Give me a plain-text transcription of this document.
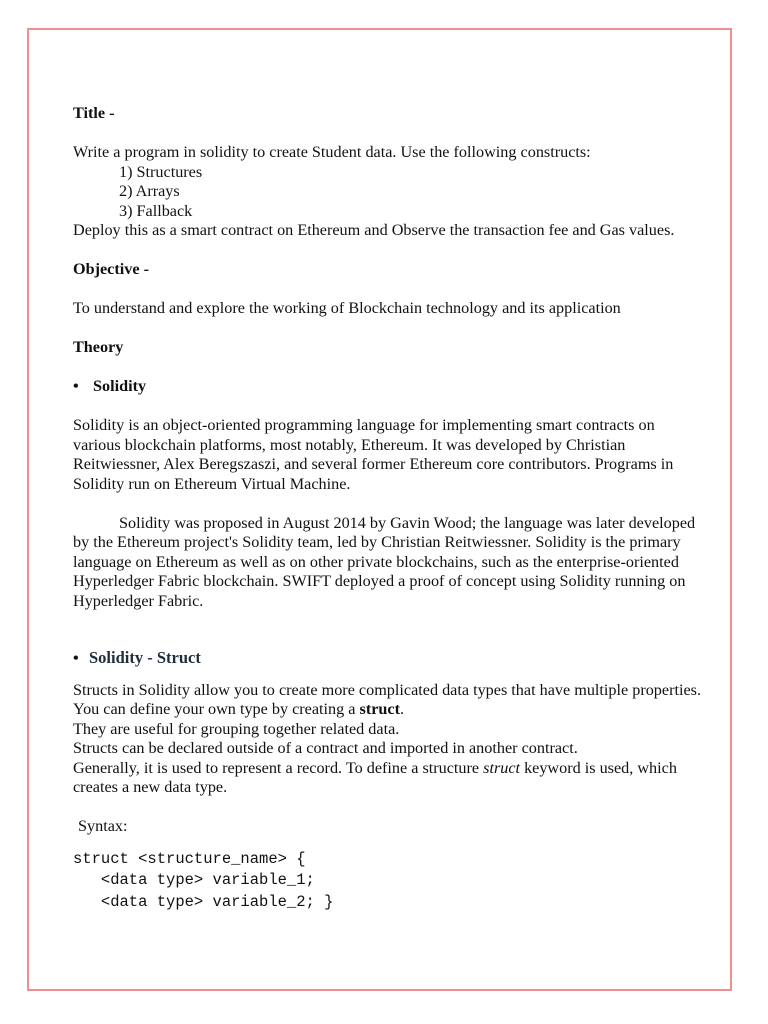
Title -

Write a program in solidity to create Student data. Use the following constructs:

1) Structures

2) Arrays

3) Fallback

Deploy this as a smart contract on Ethereum and Observe the transaction fee and Gas values.

Objective -

To understand and explore the working of Blockchain technology and its application

Theory

• Solidity

Solidity is an object-oriented programming language for implementing smart contracts on various blockchain platforms, most notably, Ethereum. It was developed by Christian Reitwiessner, Alex Beregszaszi, and several former Ethereum core contributors. Programs in Solidity run on Ethereum Virtual Machine.

Solidity was proposed in August 2014 by Gavin Wood; the language was later developed by the Ethereum project's Solidity team, led by Christian Reitwiessner. Solidity is the primary language on Ethereum as well as on other private blockchains, such as the enterprise-oriented Hyperledger Fabric blockchain. SWIFT deployed a proof of concept using Solidity running on Hyperledger Fabric.

• Solidity - Struct

Structs in Solidity allow you to create more complicated data types that have multiple properties. You can define your own type by creating a struct.

They are useful for grouping together related data.

Structs can be declared outside of a contract and imported in another contract.

Generally, it is used to represent a record. To define a structure struct keyword is used, which creates a new data type.

Syntax:

struct <structure_name> {
<data type> variable_1;
<data type> variable_2; }
